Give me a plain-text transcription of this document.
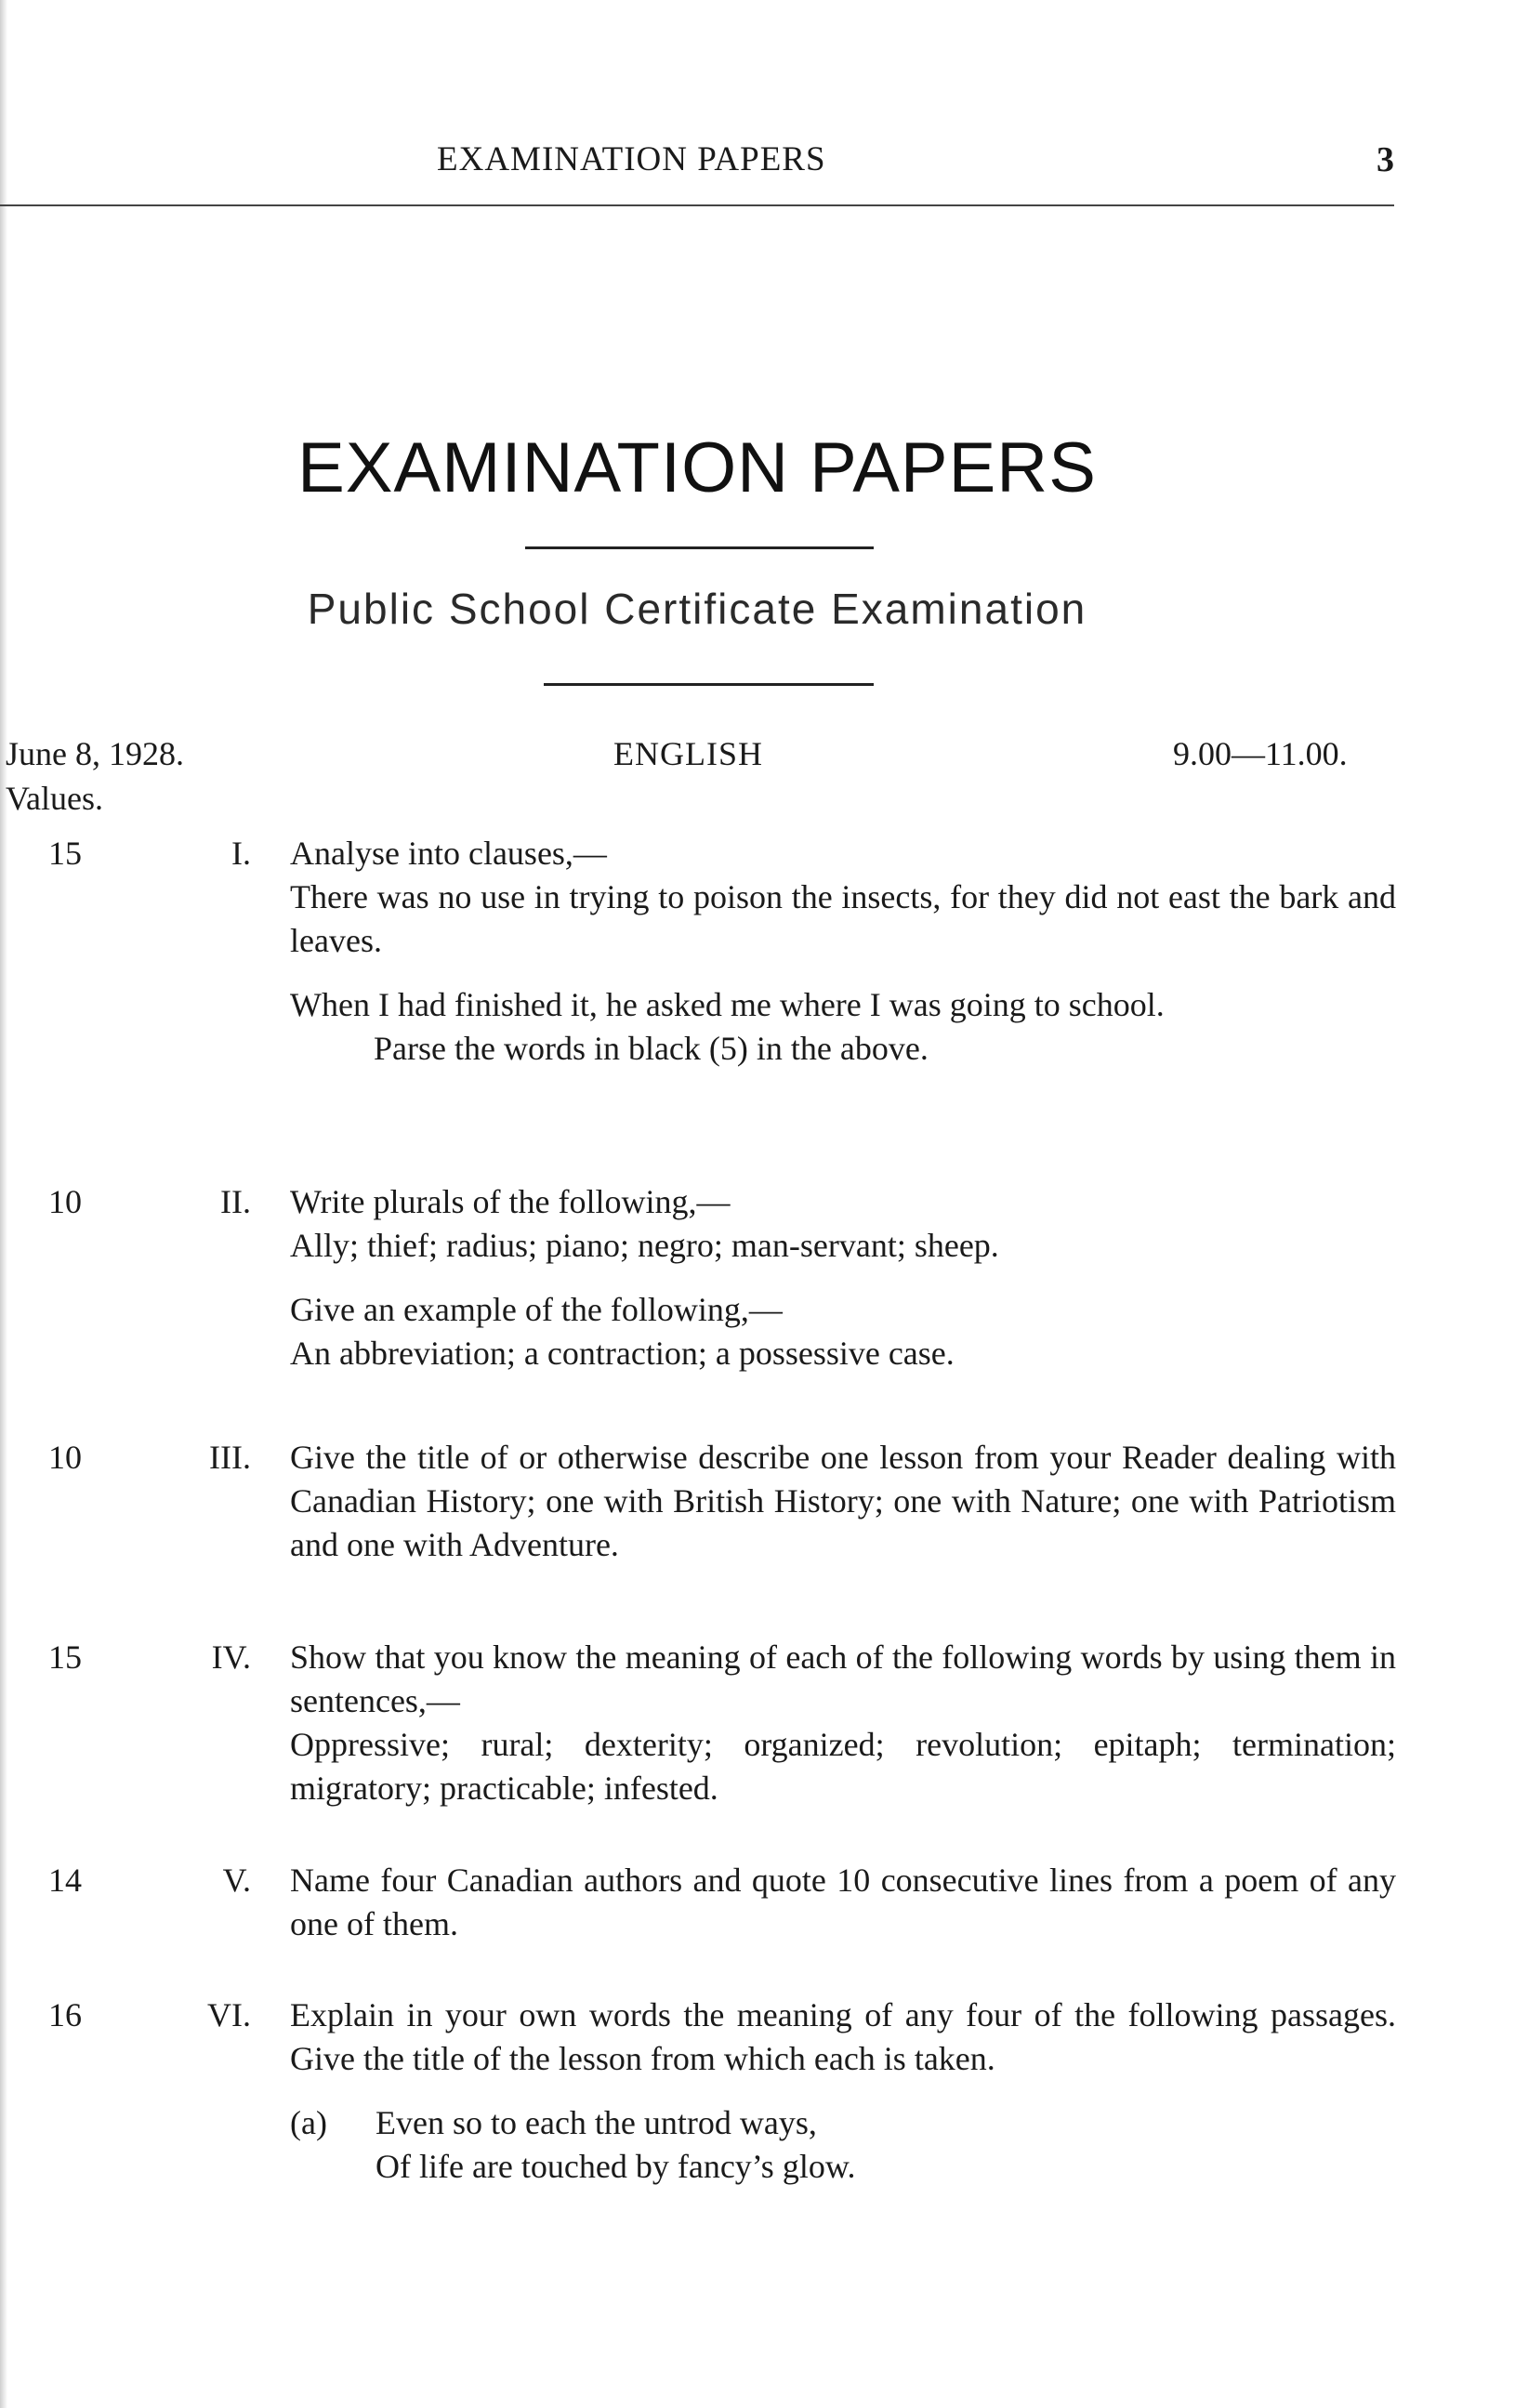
EXAMINATION PAPERS	3
EXAMINATION PAPERS
Public School Certificate Examination
June 8, 1928.	ENGLISH	9.00—11.00.
Values.
15	I. Analyse into clauses,—

There was no use in trying to poison the insects, for they did not east the bark and leaves.

When I had finished it, he asked me where I was going to school.

Parse the words in black (5) in the above.

10	II. Write plurals of the following,—

Ally; thief; radius; piano; negro; man-servant; sheep.

Give an example of the following,—

An abbreviation; a contraction; a possessive case.

10	III. Give the title of or otherwise describe one lesson from your Reader dealing with Canadian History; one with British History; one with Nature; one with Patriotism and one with Adventure.

15	IV. Show that you know the meaning of each of the following words by using them in sentences,—

Oppressive; rural; dexterity; organized; revolution; epitaph; termination; migratory; practicable; infested.

14	V. Name four Canadian authors and quote 10 consecutive lines from a poem of any one of them.

16	VI. Explain in your own words the meaning of any four of the following passages. Give the title of the lesson from which each is taken.

(a) Even so to each the untrod ways,

Of life are touched by fancy’s glow.
